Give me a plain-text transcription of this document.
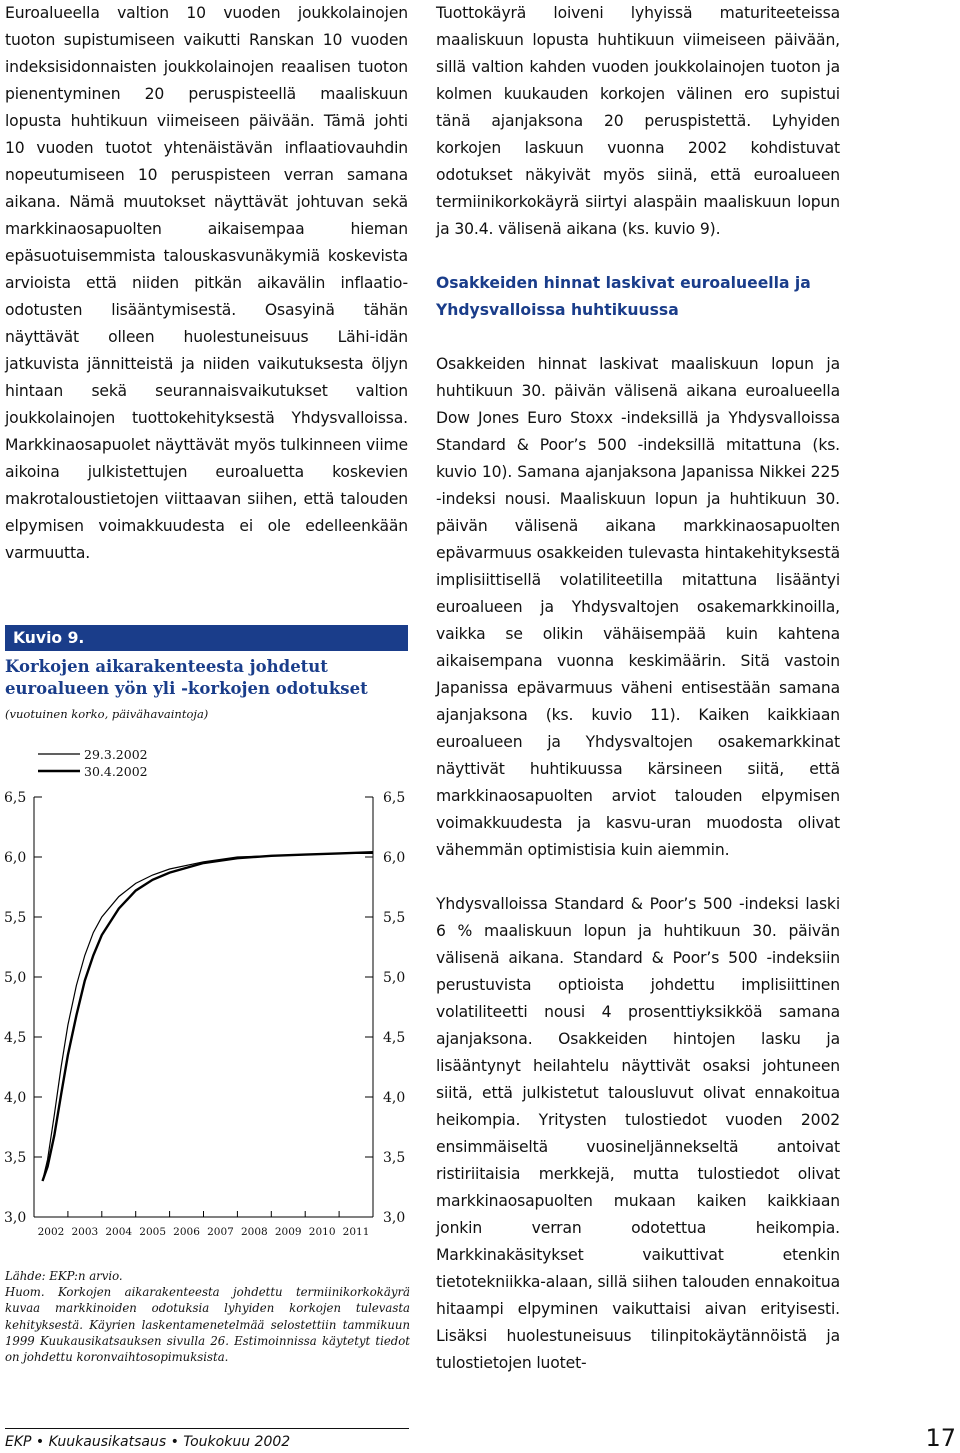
Euroalueella valtion 10 vuoden joukkolainojen tuoton supistumiseen vaikutti Ranskan 10 vuoden indeksisidonnaisten joukkolainojen reaalisen tuoton pienentyminen 20 peruspisteellä maaliskuun lopusta huhtikuun viimeiseen päivään. Tämä johti 10 vuoden tuotot yhtenäistävän inflaatiovauhdin nopeutumiseen 10 peruspisteen verran samana aikana. Nämä muutokset näyttävät johtuvan sekä markkinaosapuolten aikaisempaa hieman epäsuotuisemmista talouskasvunäkymiä koskevista arvioista että niiden pitkän aikavälin inflaatio-odotusten lisääntymisestä. Osasyinä tähän näyttävät olleen huolestuneisuus Lähi-idän jatkuvista jännitteistä ja niiden vaikutuksesta öljyn hintaan sekä seurannaisvaikutukset valtion joukkolainojen tuottokehityksestä Yhdysvalloissa. Markkinaosapuolet näyttävät myös tulkinneen viime aikoina julkistettujen euroaluetta koskevien makrotaloustietojen viittaavan siihen, että talouden elpymisen voimakkuudesta ei ole edelleenkään varmuutta.

Tuottokäyrä loiveni lyhyissä maturiteeteissa maaliskuun lopusta huhtikuun viimeiseen päivään, sillä valtion kahden vuoden joukkolainojen tuoton ja kolmen kuukauden korkojen välinen ero supistui tänä ajanjaksona 20 peruspistettä. Lyhyiden korkojen laskuun vuonna 2002 kohdistuvat odotukset näkyivät myös siinä, että euroalueen termiinikorkokäyrä siirtyi alaspäin maaliskuun lopun ja 30.4. välisenä aikana (ks. kuvio 9).

Osakkeiden hinnat laskivat euroalueella ja Yhdysvalloissa huhtikuussa

Osakkeiden hinnat laskivat maaliskuun lopun ja huhtikuun 30. päivän välisenä aikana euroalueella Dow Jones Euro Stoxx -indeksillä ja Yhdysvalloissa Standard & Poor’s 500 -indeksillä mitattuna (ks. kuvio 10). Samana ajanjaksona Japanissa Nikkei 225 -indeksi nousi. Maaliskuun lopun ja huhtikuun 30. päivän välisenä aikana markkinaosapuolten epävarmuus osakkeiden tulevasta hintakehityksestä implisiittisellä volatiliteetilla mitattuna lisääntyi euroalueen ja Yhdysvaltojen osakemarkkinoilla, vaikka se olikin vähäisempää kuin kahtena aikaisempana vuonna keskimäärin. Sitä vastoin Japanissa epävarmuus väheni entisestään samana ajanjaksona (ks. kuvio 11). Kaiken kaikkiaan euroalueen ja Yhdysvaltojen osakemarkkinat näyttivät huhtikuussa kärsineen siitä, että markkinaosapuolten arviot talouden elpymisen voimakkuudesta ja kasvu-uran muodosta olivat vähemmän optimistisia kuin aiemmin.

Yhdysvalloissa Standard & Poor’s 500 -indeksi laski 6 % maaliskuun lopun ja huhtikuun 30. päivän välisenä aikana. Standard & Poor’s 500 -indeksiin perustuvista optioista johdettu implisiittinen volatiliteetti nousi 4 prosenttiyksikköä samana ajanjaksona. Osakkeiden hintojen lasku ja lisääntynyt heilahtelu näyttivät osaksi johtuneen siitä, että julkistetut talousluvut olivat ennakoitua heikompia. Yritysten tulostiedot vuoden 2002 ensimmäiseltä vuosineljännekseltä antoivat ristiriitaisia merkkejä, mutta tulostiedot olivat markkinaosapuolten mukaan kaiken kaikkiaan jonkin verran odotettua heikompia. Markkinakäsitykset vaikuttivat etenkin tietotekniikka-alaan, sillä siihen talouden ennakoitua hitaampi elpyminen vaikuttaisi aivan erityisesti. Lisäksi huolestuneisuus tilinpitokäytännöistä ja tulostietojen luotet-

Kuvio 9.
Korkojen aikarakenteesta johdetut euroalueen yön yli -korkojen odotukset
(vuotuinen korko, päivähavaintoja)
6,5	6,5
6,0	6,0
5,5	5,5
5,0	5,0
4,5	4,5
4,0	4,0
3,5	3,5
3,0	3,0
2002 2003 2004 2005 2006 2007 2008 2009 2010 2011
29.3.2002
30.4.2002

Lähde: EKP:n arvio.

Huom. Korkojen aikarakenteesta johdettu termiinikorkokäyrä kuvaa markkinoiden odotuksia lyhyiden korkojen tulevasta kehityksestä. Käyrien laskentamenetelmää selostettiin tammikuun 1999 Kuukausikatsauksen sivulla 26. Estimoinnissa käytetyt tiedot on johdettu koronvaihtosopimuksista.

EKP • Kuukausikatsaus • Toukokuu 2002	17
